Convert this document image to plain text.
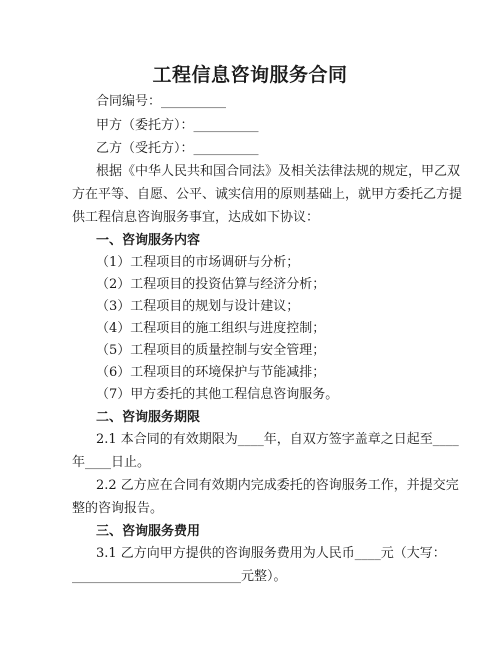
工程信息咨询服务合同
合同编号：__________
甲方（委托方）：__________
乙方（受托方）：__________
根据《中华人民共和国合同法》及相关法律法规的规定，甲乙双
方在平等、自愿、公平、诚实信用的原则基础上，就甲方委托乙方提
供工程信息咨询服务事宜，达成如下协议：
一、咨询服务内容
（1）工程项目的市场调研与分析；
（2）工程项目的投资估算与经济分析；
（3）工程项目的规划与设计建议；
（4）工程项目的施工组织与进度控制；
（5）工程项目的质量控制与安全管理；
（6）工程项目的环境保护与节能减排；
（7）甲方委托的其他工程信息咨询服务。
二、咨询服务期限
2.1 本合同的有效期限为____年，自双方签字盖章之日起至____
年____日止。
2.2 乙方应在合同有效期内完成委托的咨询服务工作，并提交完
整的咨询报告。
三、咨询服务费用
3.1 乙方向甲方提供的咨询服务费用为人民币____元（大写：
__________________________元整）。
